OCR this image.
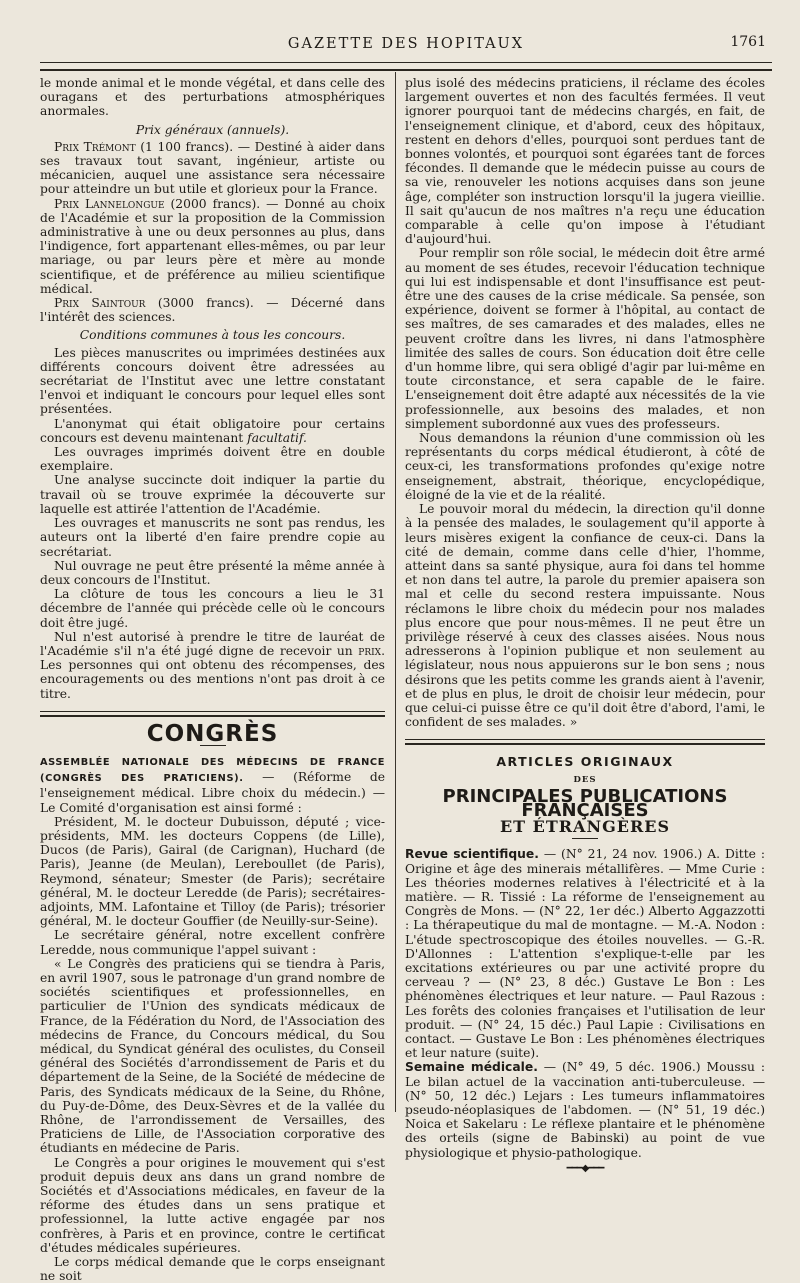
GAZETTE DES HOPITAUX	1761

le monde animal et le monde végétal, et dans celle des ouragans et des perturbations atmosphériques anormales.

Prix généraux (annuels).

Prix Trémont (1 100 francs). — Destiné à aider dans ses travaux tout savant, ingénieur, artiste ou mécanicien, auquel une assistance sera nécessaire pour atteindre un but utile et glorieux pour la France.

Prix Lannelongue (2000 francs). — Donné au choix de l'Académie et sur la proposition de la Commission administrative à une ou deux personnes au plus, dans l'indigence, fort appartenant elles-mêmes, ou par leur mariage, ou par leurs père et mère au monde scientifique, et de préférence au milieu scientifique médical.

Prix Saintour (3000 francs). — Décerné dans l'intérêt des sciences.

Conditions communes à tous les concours.

Les pièces manuscrites ou imprimées destinées aux différents concours doivent être adressées au secrétariat de l'Institut avec une lettre constatant l'envoi et indiquant le concours pour lequel elles sont présentées.

L'anonymat qui était obligatoire pour certains concours est devenu maintenant facultatif.

Les ouvrages imprimés doivent être en double exemplaire.

Une analyse succincte doit indiquer la partie du travail où se trouve exprimée la découverte sur laquelle est attirée l'attention de l'Académie.

Les ouvrages et manuscrits ne sont pas rendus, les auteurs ont la liberté d'en faire prendre copie au secrétariat.

Nul ouvrage ne peut être présenté la même année à deux concours de l'Institut.

La clôture de tous les concours a lieu le 31 décembre de l'année qui précède celle où le concours doit être jugé.

Nul n'est autorisé à prendre le titre de lauréat de l'Académie s'il n'a été jugé digne de recevoir un prix. Les personnes qui ont obtenu des récompenses, des encouragements ou des mentions n'ont pas droit à ce titre.

CONGRÈS

ASSEMBLÉE NATIONALE DES MÉDECINS DE FRANCE (CONGRÈS DES PRATICIENS). — (Réforme de l'enseignement médical. Libre choix du médecin.) — Le Comité d'organisation est ainsi formé :

Président, M. le docteur Dubuisson, député ; vice-présidents, MM. les docteurs Coppens (de Lille), Ducos (de Paris), Gairal (de Carignan), Huchard (de Paris), Jeanne (de Meulan), Lereboullet (de Paris), Reymond, sénateur; Smester (de Paris); secrétaire général, M. le docteur Leredde (de Paris); secrétaires-adjoints, MM. Lafontaine et Tilloy (de Paris); trésorier général, M. le docteur Gouffier (de Neuilly-sur-Seine).

Le secrétaire général, notre excellent confrère Leredde, nous communique l'appel suivant :

« Le Congrès des praticiens qui se tiendra à Paris, en avril 1907, sous le patronage d'un grand nombre de sociétés scientifiques et professionnelles, en particulier de l'Union des syndicats médicaux de France, de la Fédération du Nord, de l'Association des médecins de France, du Concours médical, du Sou médical, du Syndicat général des oculistes, du Conseil général des Sociétés d'arrondissement de Paris et du département de la Seine, de la Société de médecine de Paris, des Syndicats médicaux de la Seine, du Rhône, du Puy-de-Dôme, des Deux-Sèvres et de la vallée du Rhône, de l'arrondissement de Versailles, des Praticiens de Lille, de l'Association corporative des étudiants en médecine de Paris.

Le Congrès a pour origines le mouvement qui s'est produit depuis deux ans dans un grand nombre de Sociétés et d'Associations médicales, en faveur de la réforme des études dans un sens pratique et professionnel, la lutte active engagée par nos confrères, à Paris et en province, contre le certificat d'études médicales supérieures.

Le corps médical demande que le corps enseignant ne soit

plus isolé des médecins praticiens, il réclame des écoles largement ouvertes et non des facultés fermées. Il veut ignorer pourquoi tant de médecins chargés, en fait, de l'enseignement clinique, et d'abord, ceux des hôpitaux, restent en dehors d'elles, pourquoi sont perdues tant de bonnes volontés, et pourquoi sont égarées tant de forces fécondes. Il demande que le médecin puisse au cours de sa vie, renouveler les notions acquises dans son jeune âge, compléter son instruction lorsqu'il la jugera vieillie. Il sait qu'aucun de nos maîtres n'a reçu une éducation comparable à celle qu'on impose à l'étudiant d'aujourd'hui.

Pour remplir son rôle social, le médecin doit être armé au moment de ses études, recevoir l'éducation technique qui lui est indispensable et dont l'insuffisance est peut-être une des causes de la crise médicale. Sa pensée, son expérience, doivent se former à l'hôpital, au contact de ses maîtres, de ses camarades et des malades, elles ne peuvent croître dans les livres, ni dans l'atmosphère limitée des salles de cours. Son éducation doit être celle d'un homme libre, qui sera obligé d'agir par lui-même en toute circonstance, et sera capable de le faire. L'enseignement doit être adapté aux nécessités de la vie professionnelle, aux besoins des malades, et non simplement subordonné aux vues des professeurs.

Nous demandons la réunion d'une commission où les représentants du corps médical étudieront, à côté de ceux-ci, les transformations profondes qu'exige notre enseignement, abstrait, théorique, encyclopédique, éloigné de la vie et de la réalité.

Le pouvoir moral du médecin, la direction qu'il donne à la pensée des malades, le soulagement qu'il apporte à leurs misères exigent la confiance de ceux-ci. Dans la cité de demain, comme dans celle d'hier, l'homme, atteint dans sa santé physique, aura foi dans tel homme et non dans tel autre, la parole du premier apaisera son mal et celle du second restera impuissante. Nous réclamons le libre choix du médecin pour nos malades plus encore que pour nous-mêmes. Il ne peut être un privilège réservé à ceux des classes aisées. Nous nous adresserons à l'opinion publique et non seulement au législateur, nous nous appuierons sur le bon sens ; nous désirons que les petits comme les grands aient à l'avenir, et de plus en plus, le droit de choisir leur médecin, pour que celui-ci puisse être ce qu'il doit être d'abord, l'ami, le confident de ses malades. »

ARTICLES ORIGINAUX
DES
PRINCIPALES PUBLICATIONS FRANÇAISES
ET ÉTRANGÈRES

Revue scientifique. — (N° 21, 24 nov. 1906.) A. Ditte : Origine et âge des minerais métallifères. — Mme Curie : Les théories modernes relatives à l'électricité et à la matière. — R. Tissié : La réforme de l'enseignement au Congrès de Mons. — (N° 22, 1er déc.) Alberto Aggazzotti : La thérapeutique du mal de montagne. — M.-A. Nodon : L'étude spectroscopique des étoiles nouvelles. — G.-R. D'Allonnes : L'attention s'explique-t-elle par les excitations extérieures ou par une activité propre du cerveau ? — (N° 23, 8 déc.) Gustave Le Bon : Les phénomènes électriques et leur nature. — Paul Razous : Les forêts des colonies françaises et l'utilisation de leur produit. — (N° 24, 15 déc.) Paul Lapie : Civilisations en contact. — Gustave Le Bon : Les phénomènes électriques et leur nature (suite).

Semaine médicale. — (N° 49, 5 déc. 1906.) Moussu : Le bilan actuel de la vaccination anti-tuberculeuse. — (N° 50, 12 déc.) Lejars : Les tumeurs inflammatoires pseudo-néoplasiques de l'abdomen. — (N° 51, 19 déc.) Noica et Sakelaru : Le réflexe plantaire et le phénomène des orteils (signe de Babinski) au point de vue physiologique et physio-pathologique.

━━━◆━━━
